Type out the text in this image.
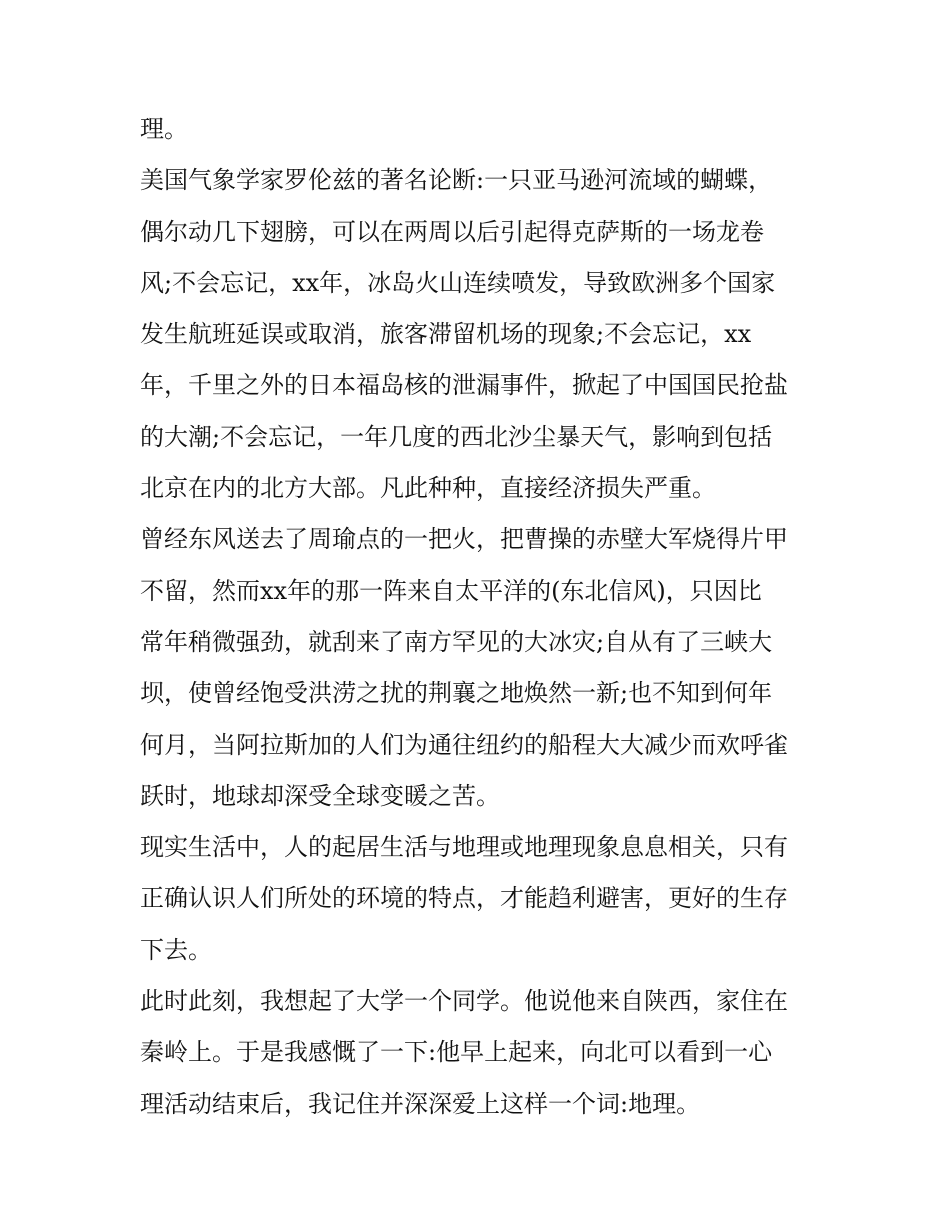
理。
美国气象学家罗伦兹的著名论断:一只亚马逊河流域的蝴蝶，
偶尔动几下翅膀，可以在两周以后引起得克萨斯的一场龙卷
风;不会忘记，xx年，冰岛火山连续喷发，导致欧洲多个国家
发生航班延误或取消，旅客滞留机场的现象;不会忘记，xx
年，千里之外的日本福岛核的泄漏事件，掀起了中国国民抢盐
的大潮;不会忘记，一年几度的西北沙尘暴天气，影响到包括
北京在内的北方大部。凡此种种，直接经济损失严重。
曾经东风送去了周瑜点的一把火，把曹操的赤壁大军烧得片甲
不留，然而xx年的那一阵来自太平洋的(东北信风)，只因比
常年稍微强劲，就刮来了南方罕见的大冰灾;自从有了三峡大
坝，使曾经饱受洪涝之扰的荆襄之地焕然一新;也不知到何年
何月，当阿拉斯加的人们为通往纽约的船程大大减少而欢呼雀
跃时，地球却深受全球变暖之苦。
现实生活中，人的起居生活与地理或地理现象息息相关，只有
正确认识人们所处的环境的特点，才能趋利避害，更好的生存
下去。
此时此刻，我想起了大学一个同学。他说他来自陕西，家住在
秦岭上。于是我感慨了一下:他早上起来，向北可以看到一心
理活动结束后，我记住并深深爱上这样一个词:地理。
